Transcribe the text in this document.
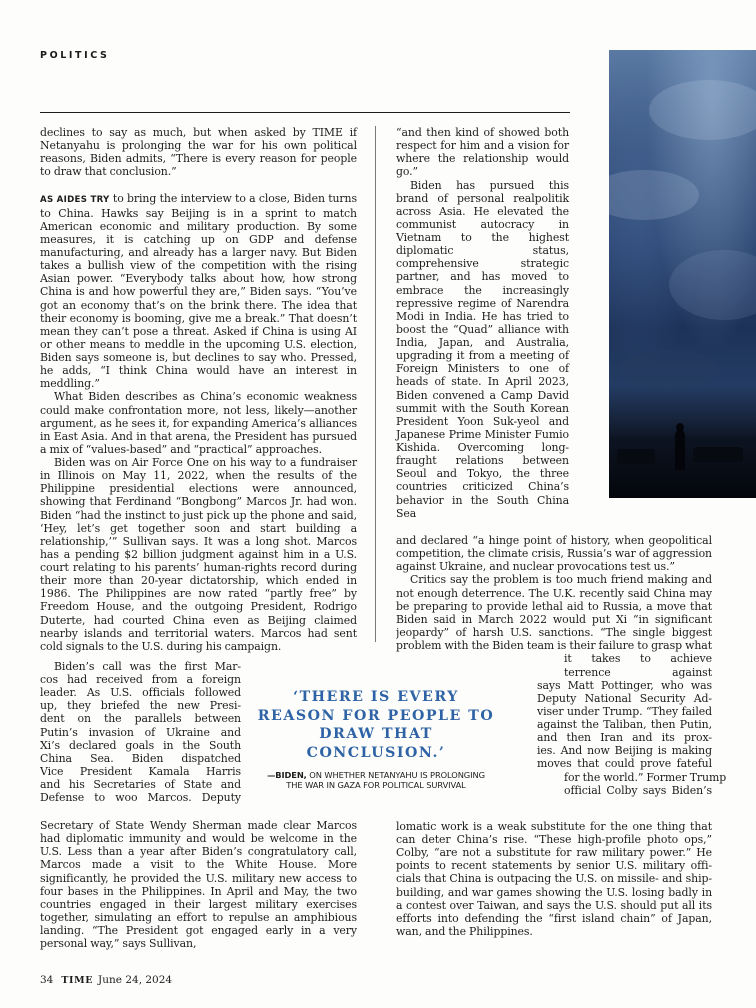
POLITICS

declines to say as much, but when asked by TIME if Netanyahu is prolonging the war for his own political reasons, Biden admits, “There is every reason for people to draw that conclusion.”

AS AIDES TRY to bring the interview to a close, Biden turns to China. Hawks say Beijing is in a sprint to match American economic and military production. By some measures, it is catching up on GDP and defense manufacturing, and already has a larger navy. But Biden takes a bullish view of the competition with the rising Asian power. “Everybody talks about how, how strong China is and how powerful they are,” Biden says. “You’ve got an economy that’s on the brink there. The idea that their economy is booming, give me a break.” That doesn’t mean they can’t pose a threat. Asked if China is using AI or other means to meddle in the upcoming U.S. election, Biden says someone is, but declines to say who. Pressed, he adds, “I think China would have an interest in meddling.”

What Biden describes as China’s economic weakness could make confrontation more, not less, likely—another argument, as he sees it, for expanding America’s alliances in East Asia. And in that arena, the President has pursued a mix of “values-based” and “practical” approaches.

Biden was on Air Force One on his way to a fundraiser in Illinois on May 11, 2022, when the results of the Philippine presidential elections were announced, showing that Ferdinand “Bongbong” Marcos Jr. had won. Biden “had the instinct to just pick up the phone and said, ‘Hey, let’s get together soon and start building a relationship,’” Sullivan says. It was a long shot. Marcos has a pending $2 billion judgment against him in a U.S. court relating to his parents’ human-rights record during their more than 20-year dictatorship, which ended in 1986. The Philippines are now rated “partly free” by Freedom House, and the outgoing President, Rodrigo Duterte, had courted China even as Beijing claimed nearby islands and territorial waters. Marcos had sent cold signals to the U.S. during his campaign.

Biden’s call was the first Mar-
cos had received from a foreign
leader. As U.S. officials followed
up, they briefed the new Presi-
dent on the parallels between
Putin’s invasion of Ukraine and
Xi’s declared goals in the South
China Sea. Biden dispatched
Vice President Kamala Harris
and his Secretaries of State and
Defense to woo Marcos. Deputy

Secretary of State Wendy Sherman made clear Marcos had diplomatic immunity and would be welcome in the U.S. Less than a year after Biden’s congratulatory call, Marcos made a visit to the White House. More significantly, he provided the U.S. military new access to four bases in the Philippines. In April and May, the two countries engaged in their largest military exercises together, simulating an effort to repulse an amphibious landing. “The President got engaged early in a very personal way,” says Sullivan,

“and then kind of showed both respect for him and a vision for where the relationship would go.”

Biden has pursued this brand of personal realpolitik across Asia. He elevated the communist autocracy in Vietnam to the highest diplomatic status, comprehensive strategic partner, and has moved to embrace the increasingly repressive regime of Narendra Modi in India. He has tried to boost the “Quad” alliance with India, Japan, and Australia, upgrading it from a meeting of Foreign Ministers to one of heads of state. In April 2023, Biden convened a Camp David summit with the South Korean President Yoon Suk-yeol and Japanese Prime Minister Fumio Kishida. Overcoming long-fraught relations between Seoul and Tokyo, the three countries criticized China’s behavior in the South China Sea

and declared “a hinge point of history, when geopolitical
competition, the climate crisis, Russia’s war of aggression
against Ukraine, and nuclear provocations test us.”
Critics say the problem is too much friend making and
not enough deterrence. The U.K. recently said China may
be preparing to provide lethal aid to Russia, a move that
Biden said in March 2022 would put Xi “in significant
jeopardy” of harsh U.S. sanctions. “The single biggest
problem with the Biden team is their failure to grasp what
it takes to achieve
terrence against
says Matt Pottinger, who was
Deputy National Security Ad-
viser under Trump. “They failed
against the Taliban, then Putin,
and then Iran and its prox-
ies. And now Beijing is making
moves that could prove fateful
for the world.” Former Trump
official Colby says Biden’s
lomatic work is a weak substitute for the one thing that
can deter China’s rise. “These high-profile photo ops,”
Colby, “are not a substitute for raw military power.” He
points to recent statements by senior U.S. military offi-
cials that China is outpacing the U.S. on missile- and ship-
building, and war games showing the U.S. losing badly in
a contest over Taiwan, and says the U.S. should put all its
efforts into defending the “first island chain” of Japan,
wan, and the Philippines.
‘THERE IS EVERY REASON FOR PEOPLE TO DRAW THAT CONCLUSION.’
—BIDEN, ON WHETHER NETANYAHU IS PROLONGING
THE WAR IN GAZA FOR POLITICAL SURVIVAL
34 TIME June 24, 2024
